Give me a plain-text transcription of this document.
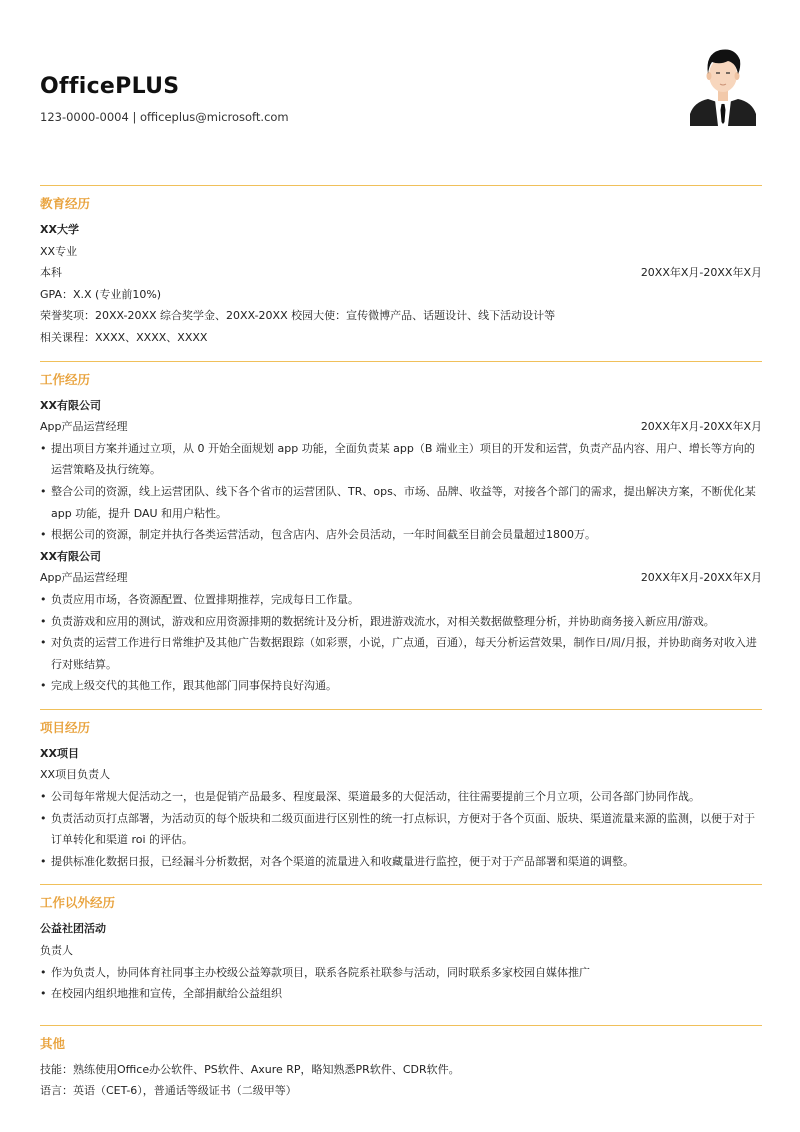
OfficePLUS
123-0000-0004 | officeplus@microsoft.com
教育经历
XX大学
XX专业
本科	20XX年X月-20XX年X月
GPA：X.X (专业前10%)
荣誉奖项：20XX-20XX 综合奖学金、20XX-20XX 校园大使：宣传微博产品、话题设计、线下活动设计等
相关课程：XXXX、XXXX、XXXX
工作经历
XX有限公司
App产品运营经理	20XX年X月-20XX年X月
• 提出项目方案并通过立项，从 0 开始全面规划 app 功能，全面负责某 app（B 端业主）项目的开发和运营，负责产品内容、用户、增长等方向的运营策略及执行统筹。
• 整合公司的资源，线上运营团队、线下各个省市的运营团队、TR、ops、市场、品牌、收益等，对接各个部门的需求，提出解决方案，不断优化某 app 功能，提升 DAU 和用户粘性。
• 根据公司的资源，制定并执行各类运营活动，包含店内、店外会员活动，一年时间截至目前会员量超过1800万。
XX有限公司
App产品运营经理	20XX年X月-20XX年X月
• 负责应用市场，各资源配置、位置排期推荐，完成每日工作量。
• 负责游戏和应用的测试，游戏和应用资源排期的数据统计及分析，跟进游戏流水，对相关数据做整理分析，并协助商务接入新应用/游戏。
• 对负责的运营工作进行日常维护及其他广告数据跟踪（如彩票，小说，广点通，百通），每天分析运营效果，制作日/周/月报，并协助商务对收入进行对账结算。
• 完成上级交代的其他工作，跟其他部门同事保持良好沟通。
项目经历
XX项目
XX项目负责人
• 公司每年常规大促活动之一，也是促销产品最多、程度最深、渠道最多的大促活动，往往需要提前三个月立项，公司各部门协同作战。
• 负责活动页打点部署，为活动页的每个版块和二级页面进行区别性的统一打点标识，方便对于各个页面、版块、渠道流量来源的监测，以便于对于订单转化和渠道 roi 的评估。
• 提供标准化数据日报，已经漏斗分析数据，对各个渠道的流量进入和收藏量进行监控，便于对于产品部署和渠道的调整。
工作以外经历
公益社团活动
负责人
• 作为负责人，协同体育社同事主办校级公益筹款项目，联系各院系社联参与活动，同时联系多家校园自媒体推广
• 在校园内组织地推和宣传，全部捐献给公益组织
其他
技能：熟练使用Office办公软件、PS软件、Axure RP，略知熟悉PR软件、CDR软件。
语言：英语（CET-6），普通话等级证书（二级甲等）
